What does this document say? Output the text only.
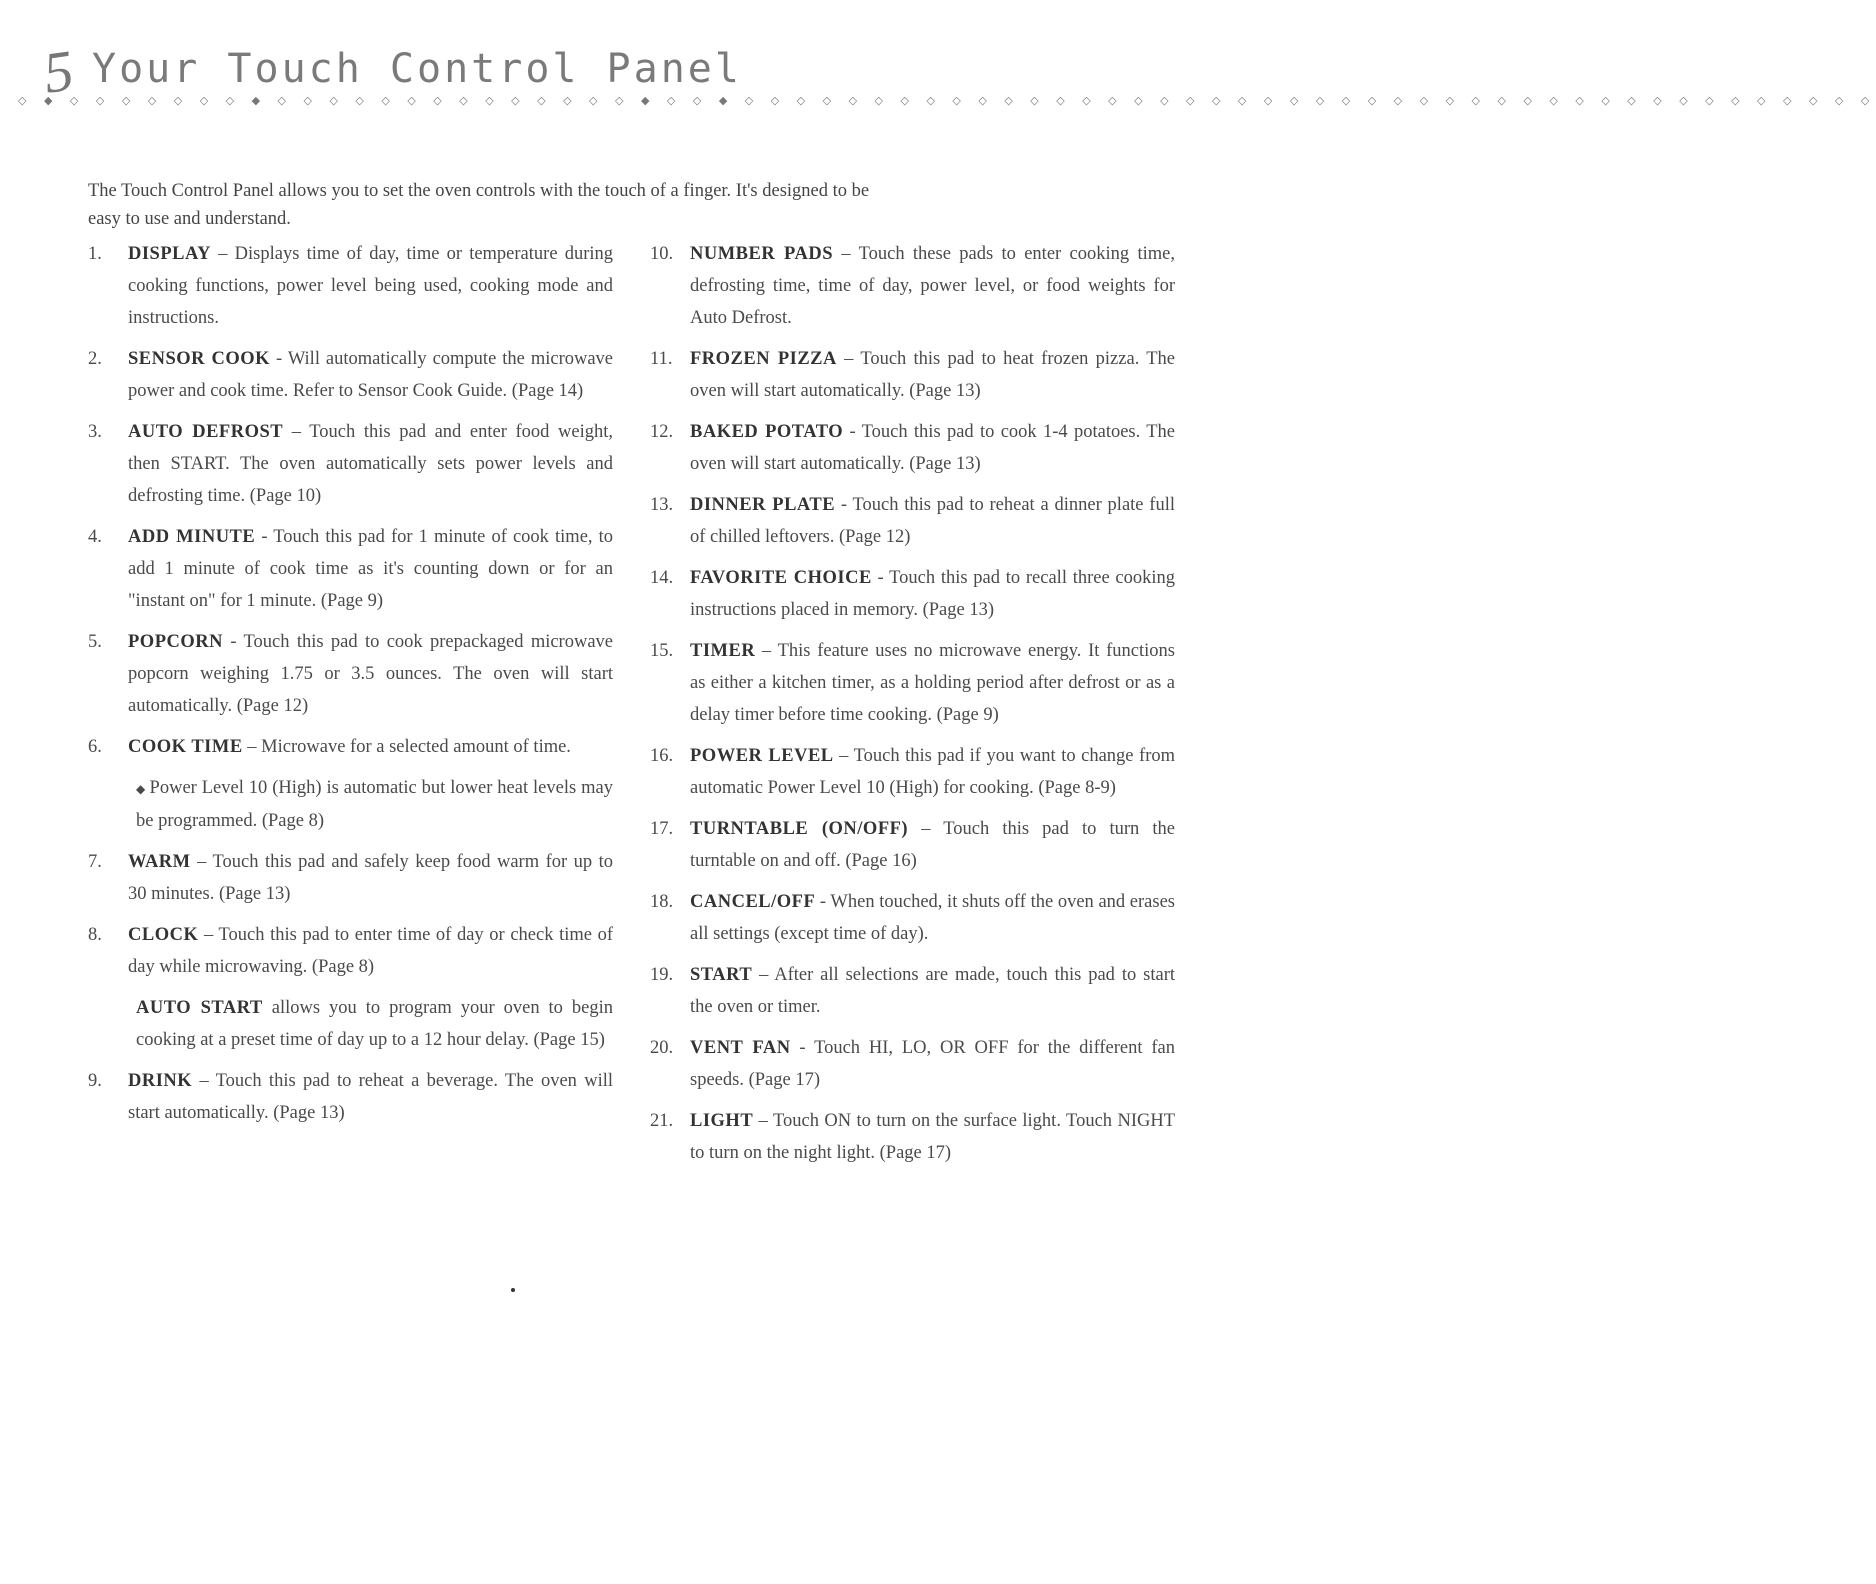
5 Your Touch Control Panel
◇ ◆ ◇ ◇ ◇ ◇ ◇ ◇ ◇ ◆ ◇ ◇ ◇ ◇ ◇ ◇ ◇ ◇ ◇ ◇ ◇ ◇ ◇ ◇ ◆ ◇ ◇ ◆ ◇ ◇ ◇ ◇ ◇ ◇ ◇ ◇ ◇ ◇ ◇ ◇ ◇ ◇ ◇ ◇ ◇ ◇ ◇ ◇ ◇ ◇ ◇ ◇ ◇ ◇ ◇ ◇ ◇ ◇ ◇ ◇ ◇ ◇ ◇ ◇ ◇ ◇ ◇ ◇ ◇ ◇ ◇ ◇

The Touch Control Panel allows you to set the oven controls with the touch of a finger. It's designed to be easy to use and understand.

1.	DISPLAY – Displays time of day, time or temperature during cooking functions, power level being used, cooking mode and instructions.
2.	SENSOR COOK - Will automatically compute the microwave power and cook time. Refer to Sensor Cook Guide. (Page 14)
3.	AUTO DEFROST – Touch this pad and enter food weight, then START. The oven automatically sets power levels and defrosting time. (Page 10)
4.	ADD MINUTE - Touch this pad for 1 minute of cook time, to add 1 minute of cook time as it's counting down or for an "instant on" for 1 minute. (Page 9)
5.	POPCORN - Touch this pad to cook prepackaged microwave popcorn weighing 1.75 or 3.5 ounces. The oven will start automatically. (Page 12)
6.	COOK TIME – Microwave for a selected amount of time.
◆ Power Level 10 (High) is automatic but lower heat levels may be programmed. (Page 8)
7.	WARM – Touch this pad and safely keep food warm for up to 30 minutes. (Page 13)
8.	CLOCK – Touch this pad to enter time of day or check time of day while microwaving. (Page 8)
AUTO START allows you to program your oven to begin cooking at a preset time of day up to a 12 hour delay. (Page 15)
9.	DRINK – Touch this pad to reheat a beverage. The oven will start automatically. (Page 13)
10. NUMBER PADS – Touch these pads to enter cooking time, defrosting time, time of day, power level, or food weights for Auto Defrost.
11. FROZEN PIZZA – Touch this pad to heat frozen pizza. The oven will start automatically. (Page 13)
12. BAKED POTATO - Touch this pad to cook 1-4 potatoes. The oven will start automatically. (Page 13)
13. DINNER PLATE - Touch this pad to reheat a dinner plate full of chilled leftovers. (Page 12)
14. FAVORITE CHOICE - Touch this pad to recall three cooking instructions placed in memory. (Page 13)
15. TIMER – This feature uses no microwave energy. It functions as either a kitchen timer, as a holding period after defrost or as a delay timer before time cooking. (Page 9)
16. POWER LEVEL – Touch this pad if you want to change from automatic Power Level 10 (High) for cooking. (Page 8-9)
17. TURNTABLE (ON/OFF) – Touch this pad to turn the turntable on and off. (Page 16)
18. CANCEL/OFF - When touched, it shuts off the oven and erases all settings (except time of day).
19. START – After all selections are made, touch this pad to start the oven or timer.
20. VENT FAN - Touch HI, LO, OR OFF for the different fan speeds. (Page 17)
21. LIGHT – Touch ON to turn on the surface light. Touch NIGHT to turn on the night light. (Page 17)
